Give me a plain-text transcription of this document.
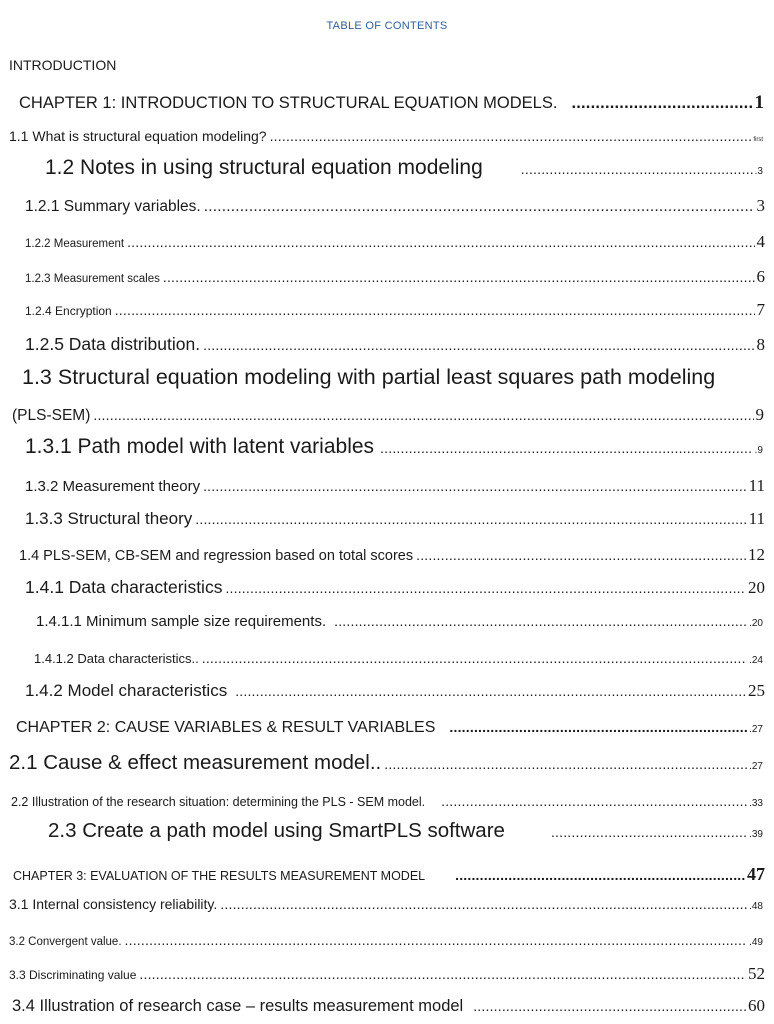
TABLE OF CONTENTS
INTRODUCTION
CHAPTER 1: INTRODUCTION TO STRUCTURAL EQUATION MODELS. .....	1
1.1 What is structural equation modeling? .....	first
1.2 Notes in using structural equation modeling .....	.3
1.2.1 Summary variables. .....	3
1.2.2 Measurement .....	4
1.2.3 Measurement scales .....	6
1.2.4 Encryption .....	7
1.2.5 Data distribution. .....	8
1.3 Structural equation modeling with partial least squares path modeling
(PLS-SEM) .....	9
1.3.1 Path model with latent variables .....	.9
1.3.2 Measurement theory .....	11
1.3.3 Structural theory .....	11
1.4 PLS-SEM, CB-SEM and regression based on total scores .....	12
1.4.1 Data characteristics .....	20
1.4.1.1 Minimum sample size requirements. .....	.20
1.4.1.2 Data characteristics.. .....	.24
1.4.2 Model characteristics .....	25
CHAPTER 2: CAUSE VARIABLES & RESULT VARIABLES .....	.27
2.1 Cause & effect measurement model.. .....	.27
2.2 Illustration of the research situation: determining the PLS - SEM model. .....	.33
2.3 Create a path model using SmartPLS software .....	.39
CHAPTER 3: EVALUATION OF THE RESULTS MEASUREMENT MODEL .....	47
3.1 Internal consistency reliability. .....	.48
3.2 Convergent value. .....	.49
3.3 Discriminating value .....	52
3.4 Illustration of research case – results measurement model .....	60
